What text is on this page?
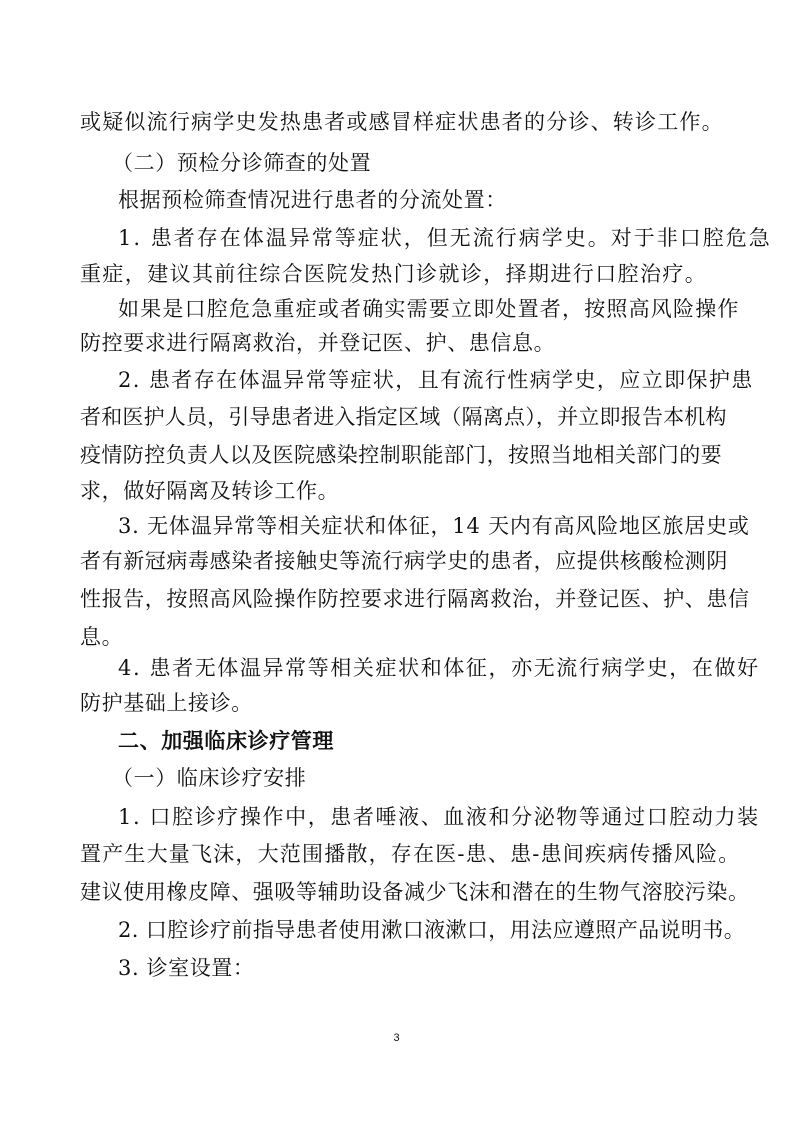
或疑似流行病学史发热患者或感冒样症状患者的分诊、转诊工作。
（二）预检分诊筛查的处置
根据预检筛查情况进行患者的分流处置：
1. 患者存在体温异常等症状，但无流行病学史。对于非口腔危急
重症，建议其前往综合医院发热门诊就诊，择期进行口腔治疗。
如果是口腔危急重症或者确实需要立即处置者，按照高风险操作
防控要求进行隔离救治，并登记医、护、患信息。
2. 患者存在体温异常等症状，且有流行性病学史，应立即保护患
者和医护人员，引导患者进入指定区域（隔离点），并立即报告本机构
疫情防控负责人以及医院感染控制职能部门，按照当地相关部门的要
求，做好隔离及转诊工作。
3. 无体温异常等相关症状和体征，14 天内有高风险地区旅居史或
者有新冠病毒感染者接触史等流行病学史的患者，应提供核酸检测阴
性报告，按照高风险操作防控要求进行隔离救治，并登记医、护、患信
息。
4. 患者无体温异常等相关症状和体征，亦无流行病学史，在做好
防护基础上接诊。
二、加强临床诊疗管理
（一）临床诊疗安排
1. 口腔诊疗操作中，患者唾液、血液和分泌物等通过口腔动力装
置产生大量飞沫，大范围播散，存在医-患、患-患间疾病传播风险。
建议使用橡皮障、强吸等辅助设备减少飞沫和潜在的生物气溶胶污染。
2. 口腔诊疗前指导患者使用漱口液漱口，用法应遵照产品说明书。
3. 诊室设置：
3
